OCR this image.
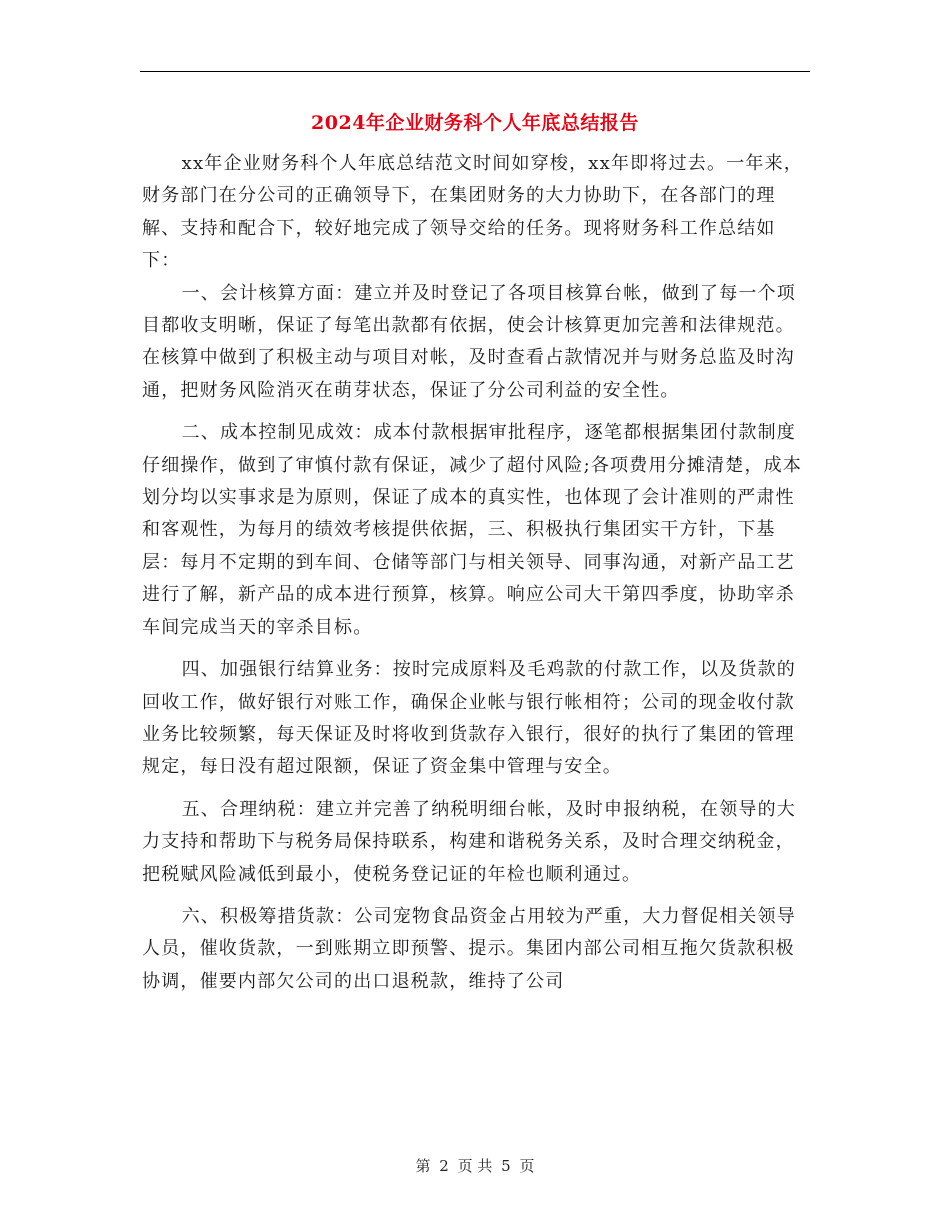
2024年企业财务科个人年底总结报告

xx年企业财务科个人年底总结范文时间如穿梭，xx年即将过去。一年来，财务部门在分公司的正确领导下，在集团财务的大力协助下，在各部门的理解、支持和配合下，较好地完成了领导交给的任务。现将财务科工作总结如下：

一、会计核算方面：建立并及时登记了各项目核算台帐，做到了每一个项目都收支明晰，保证了每笔出款都有依据，使会计核算更加完善和法律规范。在核算中做到了积极主动与项目对帐，及时查看占款情况并与财务总监及时沟通，把财务风险消灭在萌芽状态，保证了分公司利益的安全性。

二、成本控制见成效：成本付款根据审批程序，逐笔都根据集团付款制度仔细操作，做到了审慎付款有保证，减少了超付风险;各项费用分摊清楚，成本划分均以实事求是为原则，保证了成本的真实性，也体现了会计准则的严肃性和客观性，为每月的绩效考核提供依据，三、积极执行集团实干方针，下基层：每月不定期的到车间、仓储等部门与相关领导、同事沟通，对新产品工艺进行了解，新产品的成本进行预算，核算。响应公司大干第四季度，协助宰杀车间完成当天的宰杀目标。

四、加强银行结算业务：按时完成原料及毛鸡款的付款工作，以及货款的回收工作，做好银行对账工作，确保企业帐与银行帐相符；公司的现金收付款业务比较频繁，每天保证及时将收到货款存入银行，很好的执行了集团的管理规定，每日没有超过限额，保证了资金集中管理与安全。

五、合理纳税：建立并完善了纳税明细台帐，及时申报纳税，在领导的大力支持和帮助下与税务局保持联系，构建和谐税务关系，及时合理交纳税金，把税赋风险减低到最小，使税务登记证的年检也顺利通过。

六、积极筹措货款：公司宠物食品资金占用较为严重，大力督促相关领导人员，催收货款，一到账期立即预警、提示。集团内部公司相互拖欠货款积极协调，催要内部欠公司的出口退税款，维持了公司

第 2 页 共 5 页
